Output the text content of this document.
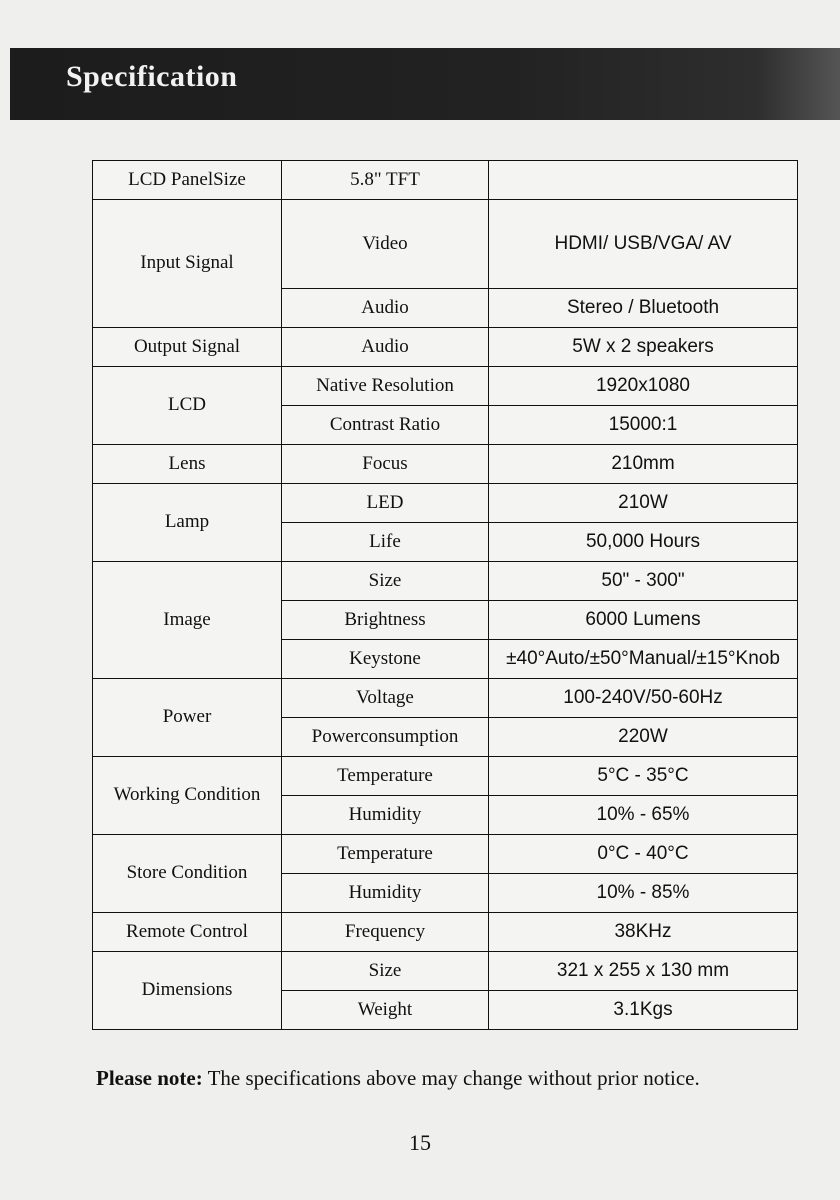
Specification
LCD PanelSize	5.8" TFT	
Input Signal	Video	HDMI/ USB/VGA/ AV
	Audio	Stereo / Bluetooth
Output Signal	Audio	5W x 2 speakers
LCD	Native Resolution	1920x1080
	Contrast Ratio	15000:1
Lens	Focus	210mm
Lamp	LED	210W
	Life	50,000 Hours
Image	Size	50" - 300"
	Brightness	6000 Lumens
	Keystone	±40°Auto/±50°Manual/±15°Knob
Power	Voltage	100-240V/50-60Hz
	Powerconsumption	220W
Working Condition	Temperature	5°C - 35°C
	Humidity	10% - 65%
Store Condition	Temperature	0°C - 40°C
	Humidity	10% - 85%
Remote Control	Frequency	38KHz
Dimensions	Size	321 x 255 x 130 mm
	Weight	3.1Kgs
Please note: The specifications above may change without prior notice.
15
